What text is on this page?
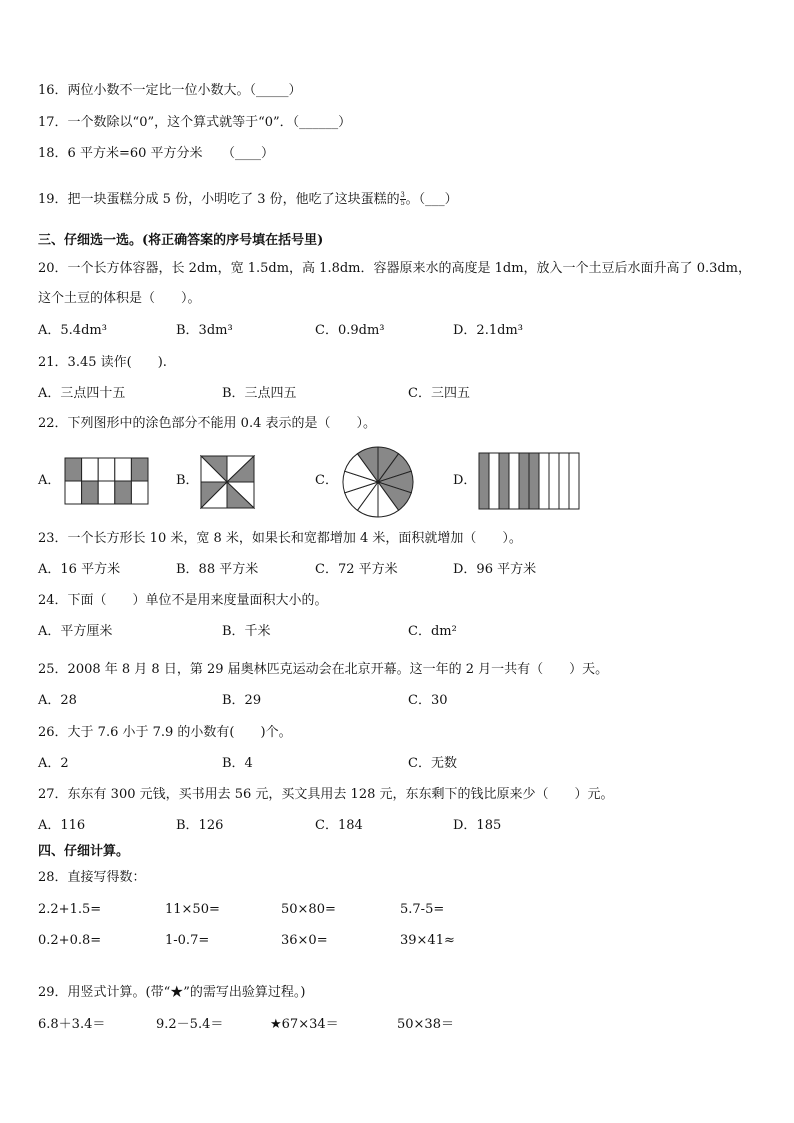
16．两位小数不一定比一位小数大。（_____）
17．一个数除以“0”，这个算式就等于“0”．（______）
18．6 平方米=60 平方分米　　（____）
19．把一块蛋糕分成 5 份，小明吃了 3 份，他吃了这块蛋糕的 $\frac{3}{5}$ 。（___）
三、仔细选一选。(将正确答案的序号填在括号里)
20．一个长方体容器，长 2dm，宽 1.5dm，高 1.8dm．容器原来水的高度是 1dm，放入一个土豆后水面升高了 0.3dm，
这个土豆的体积是（　　）。
A．5.4dm³	B．3dm³	C．0.9dm³	D．2.1dm³
21．3.45 读作(　　).
A．三点四十五	B．三点四五	C．三四五
22．下列图形中的涂色部分不能用 0.4 表示的是（　　）。
A．	B．	C．	D．
23．一个长方形长 10 米，宽 8 米，如果长和宽都增加 4 米，面积就增加（　　）。
A．16 平方米	B．88 平方米	C．72 平方米	D．96 平方米
24．下面（　　）单位不是用来度量面积大小的。
A．平方厘米	B．千米	C．dm²
25．2008 年 8 月 8 日，第 29 届奥林匹克运动会在北京开幕。这一年的 2 月一共有（　　）天。
A．28	B．29	C．30
26．大于 7.6 小于 7.9 的小数有(　　)个。
A．2	B．4	C．无数
27．东东有 300 元钱，买书用去 56 元，买文具用去 128 元，东东剩下的钱比原来少（　　）元。
A．116	B．126	C．184	D．185
四、仔细计算。
28．直接写得数：
2.2+1.5=	11×50=	50×80=	5.7-5=
0.2+0.8=	1-0.7=	36×0=	39×41≈
29．用竖式计算。(带“★”的需写出验算过程。)
6.8＋3.4＝	9.2－5.4＝	★67×34＝	50×38＝
